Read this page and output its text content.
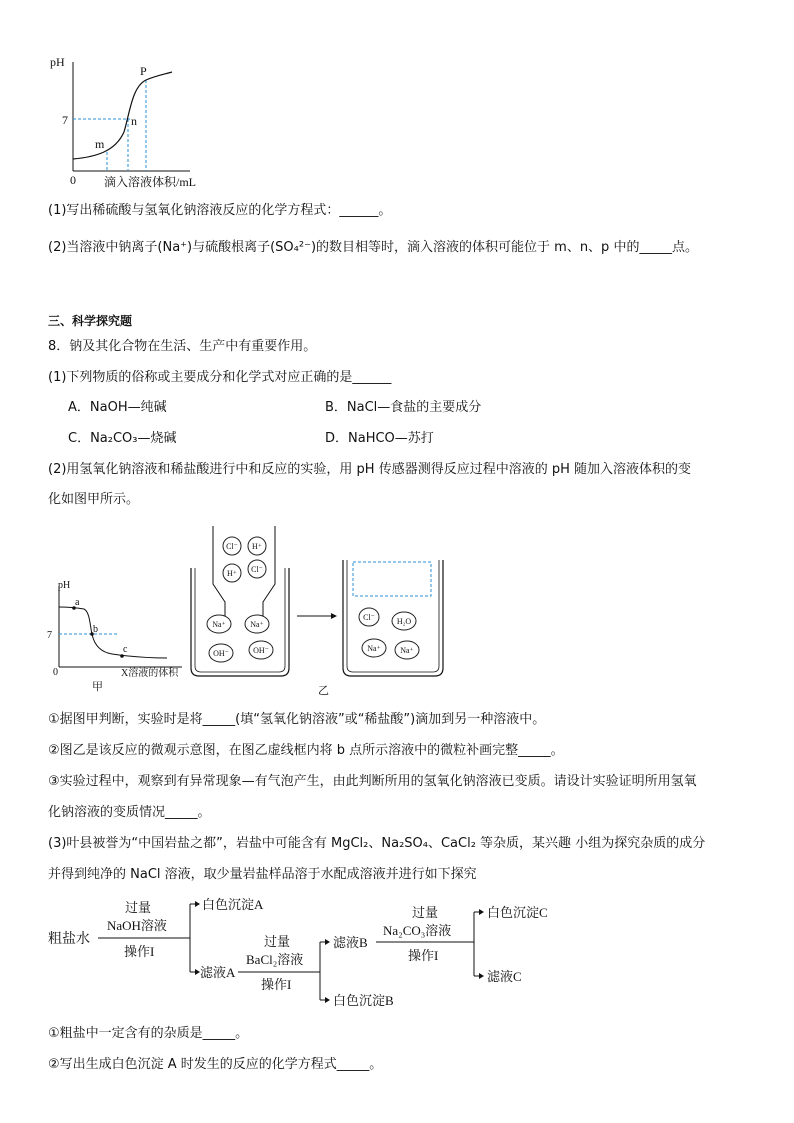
pH
7
0 滴入溶液体积/mL
m
n
P
(1)写出稀硫酸与氢氧化钠溶液反应的化学方程式：______。
(2)当溶液中钠离子(Na⁺)与硫酸根离子(SO₄²⁻)的数目相等时，滴入溶液的体积可能位于 m、n、p 中的_____点。
三、科学探究题
8．钠及其化合物在生活、生产中有重要作用。
(1)下列物质的俗称或主要成分和化学式对应正确的是______
A．NaOH—纯碱	B．NaCl—食盐的主要成分
C．Na₂CO₃—烧碱	D．NaHCO—苏打
(2)用氢氧化钠溶液和稀盐酸进行中和反应的实验，用 pH 传感器测得反应过程中溶液的 pH 随加入溶液体积的变
化如图甲所示。
pH
7
0	X溶液的体积
甲
a
b
c
Cl⁻ H⁺
H⁺ Cl⁻
Na⁺	Na⁺
OH⁻	OH⁻
Cl⁻	H₂O
Na⁺ Na⁺
乙
①据图甲判断，实验时是将_____(填“氢氧化钠溶液”或“稀盐酸”)滴加到另一种溶液中。
②图乙是该反应的微观示意图，在图乙虚线框内将 b 点所示溶液中的微粒补画完整_____。
③实验过程中，观察到有异常现象—有气泡产生，由此判断所用的氢氧化钠溶液已变质。请设计实验证明所用氢氧
化钠溶液的变质情况_____。
(3)叶县被誉为“中国岩盐之都”，岩盐中可能含有 MgCl₂、Na₂SO₄、CaCl₂ 等杂质，某兴趣 小组为探究杂质的成分
并得到纯净的 NaCl 溶液，取少量岩盐样品溶于水配成溶液并进行如下探究
粗盐水
过量
NaOH溶液
操作I
白色沉淀A
滤液A
过量
BaCl₂溶液
操作I
滤液B
白色沉淀B
过量
Na₂CO₃溶液
操作I
白色沉淀C
滤液C
①粗盐中一定含有的杂质是_____。
②写出生成白色沉淀 A 时发生的反应的化学方程式_____。
